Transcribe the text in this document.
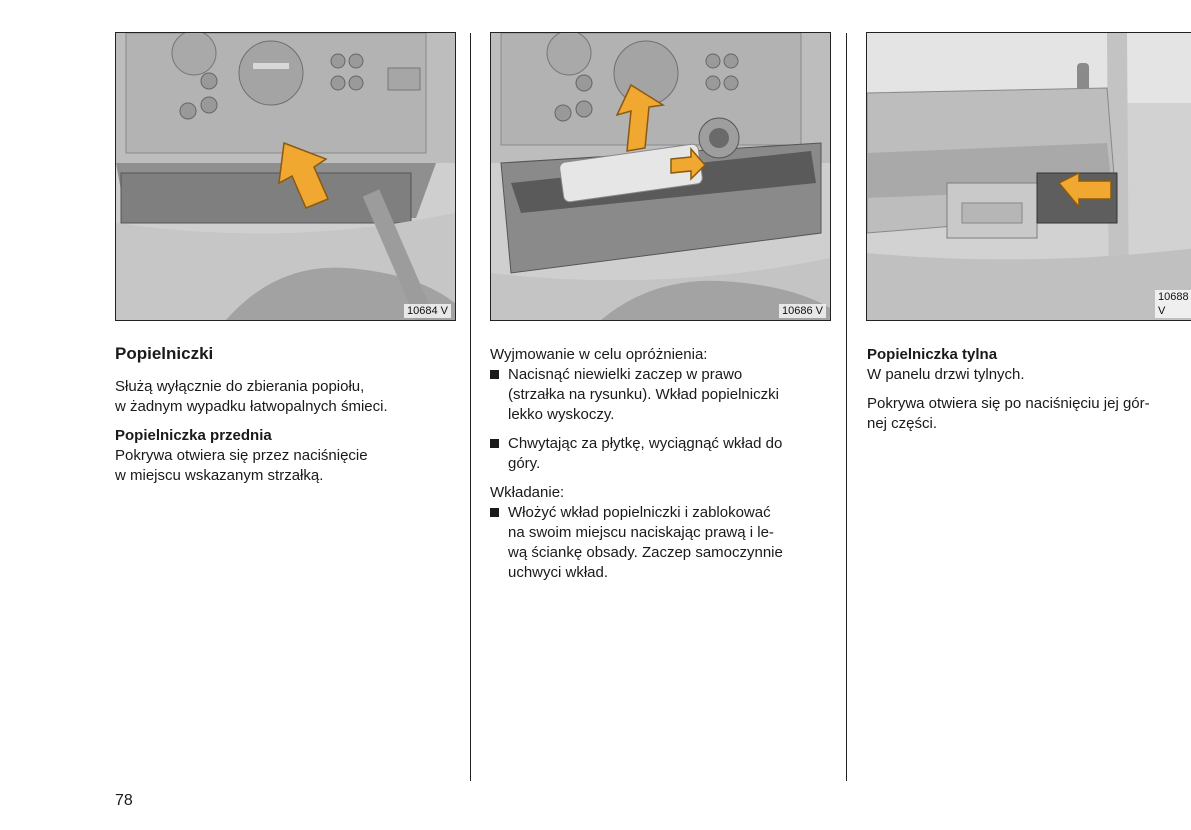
10684 V	10686 V
10688 V

Popielniczki

Służą wyłącznie do zbierania popiołu,

w żadnym wypadku łatwopalnych śmieci.

Popielniczka przednia

Pokrywa otwiera się przez naciśnięcie

w miejscu wskazanym strzałką.

Wyjmowanie w celu opróżnienia:

Nacisnąć niewielki zaczep w prawo

(strzałka na rysunku). Wkład popielniczki

lekko wyskoczy.

Chwytając za płytkę, wyciągnąć wkład do

góry.

Wkładanie:

Włożyć wkład popielniczki i zablokować

na swoim miejscu naciskając prawą i le-

wą ściankę obsady. Zaczep samoczynnie

uchwyci wkład.

Popielniczka tylna

W panelu drzwi tylnych.

Pokrywa otwiera się po naciśnięciu jej gór-

nej części.

78
